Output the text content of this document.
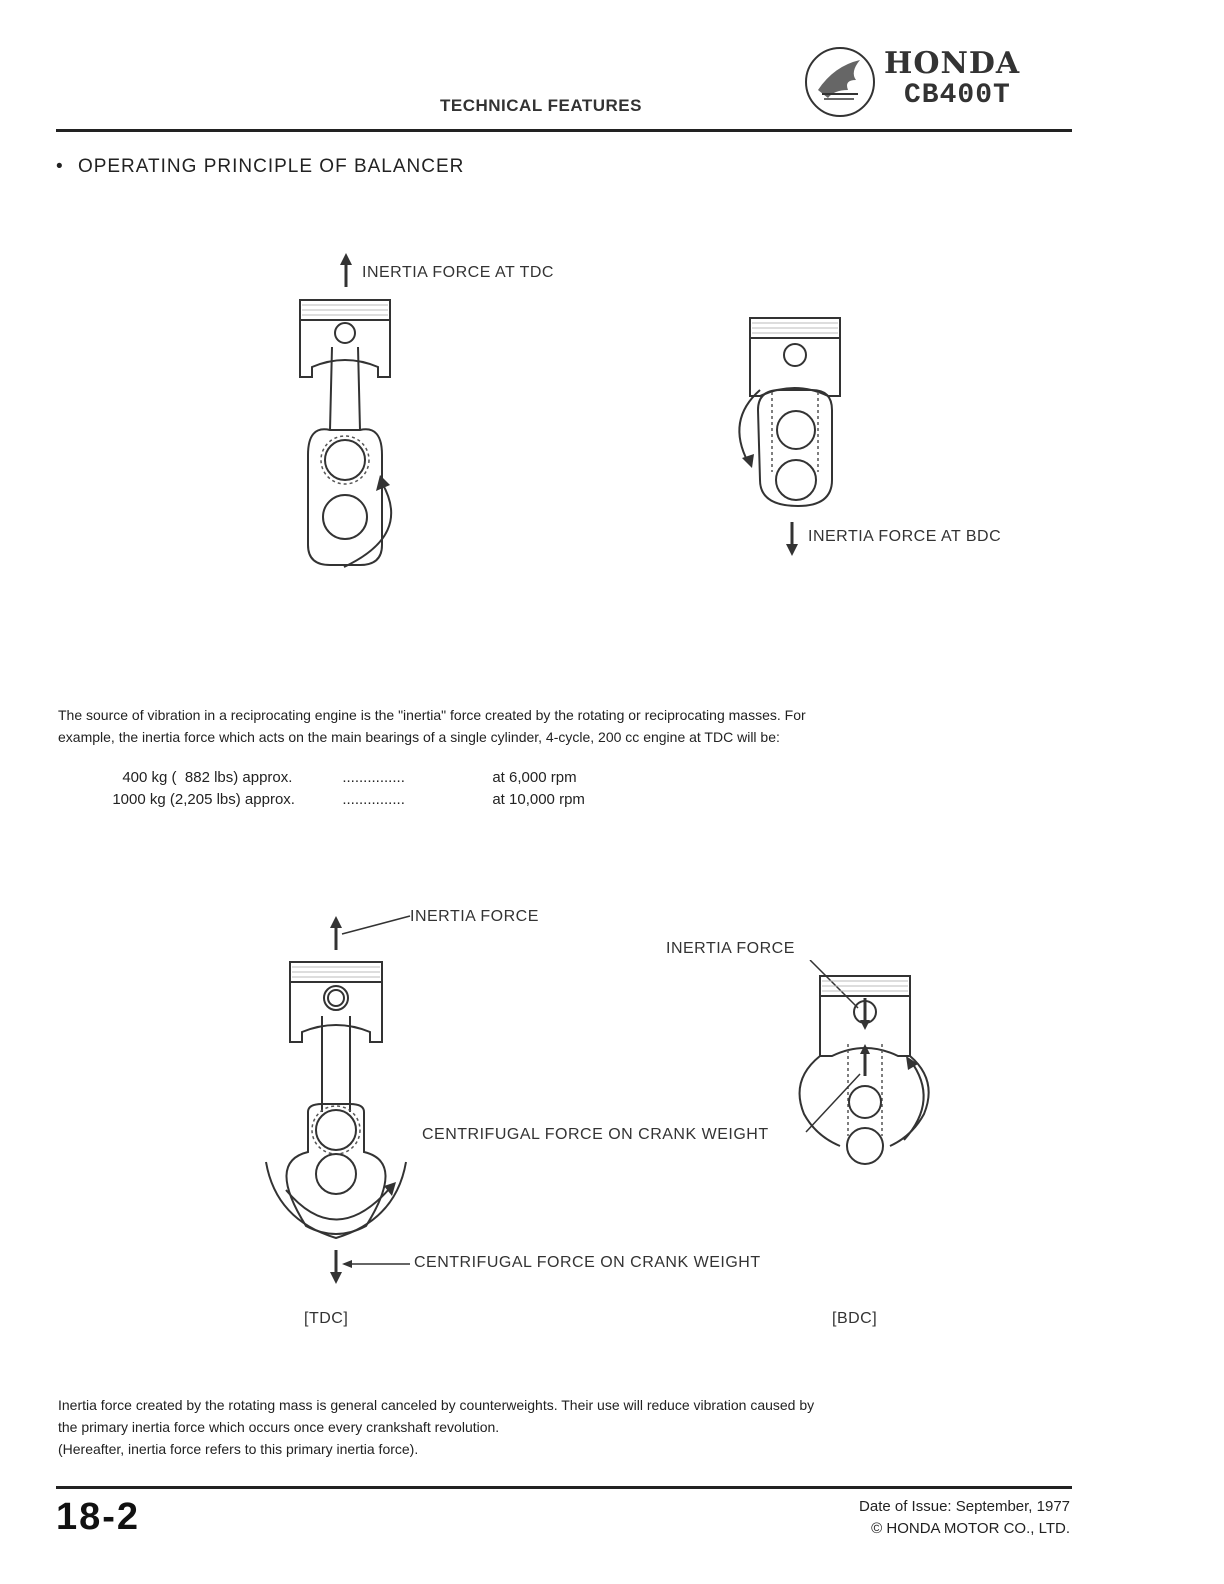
TECHNICAL FEATURES
HONDA
CB400T
• OPERATING PRINCIPLE OF BALANCER
INERTIA FORCE AT TDC
INERTIA FORCE AT BDC
The source of vibration in a reciprocating engine is the "inertia" force created by the rotating or reciprocating masses. For
example, the inertia force which acts on the main bearings of a single cylinder, 4-cycle, 200 cc engine at TDC will be:

400 kg (  882 lbs) approx.	...............	at 6,000 rpm

1000 kg (2,205 lbs) approx.	...............	at 10,000 rpm

INERTIA FORCE
CENTRIFUGAL FORCE ON CRANK WEIGHT
INERTIA FORCE
CENTRIFUGAL FORCE ON CRANK WEIGHT
[TDC]	[BDC]
Inertia force created by the rotating mass is general canceled by counterweights. Their use will reduce vibration caused by
the primary inertia force which occurs once every crankshaft revolution.
(Hereafter, inertia force refers to this primary inertia force).
18-2	Date of Issue: September, 1977
© HONDA MOTOR CO., LTD.
